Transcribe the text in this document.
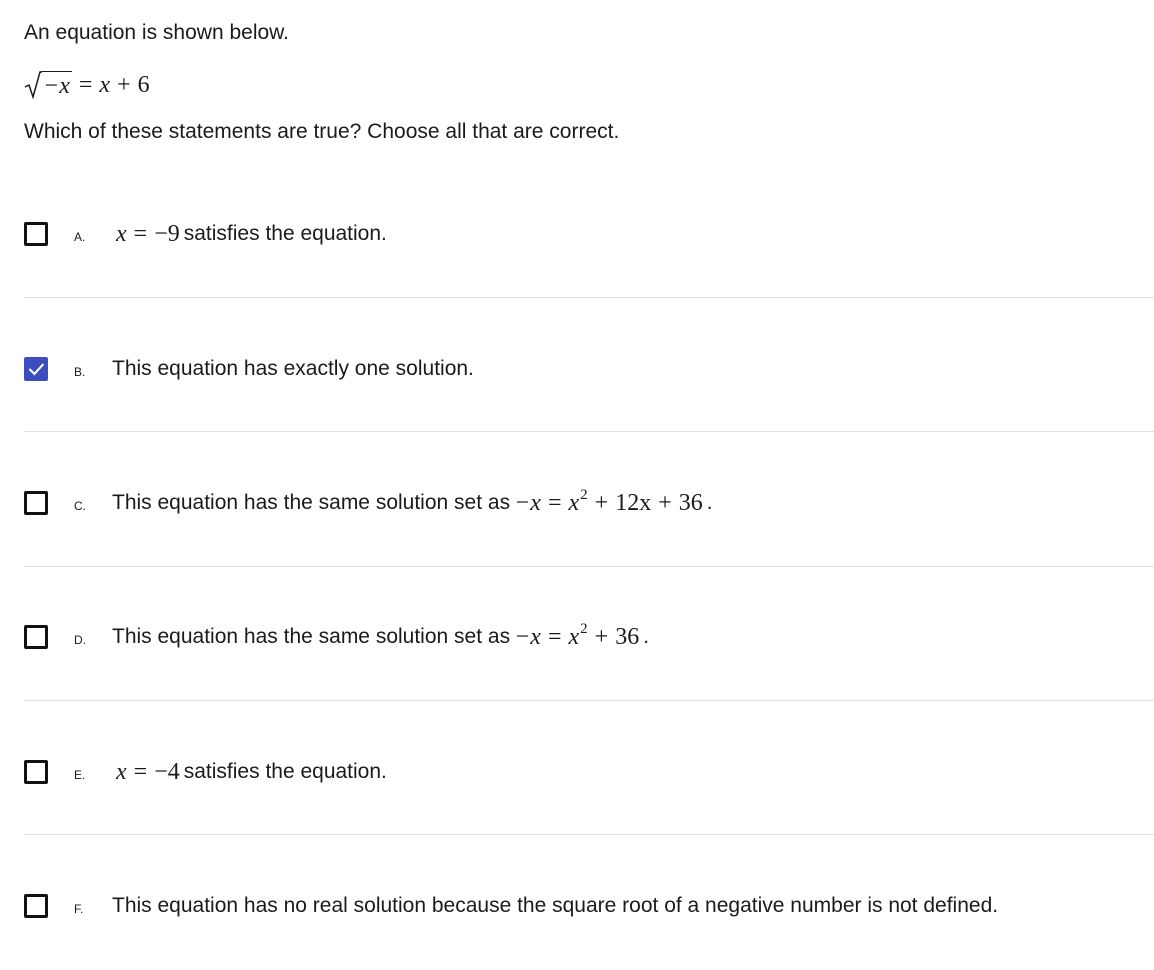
An equation is shown below.

−x = x + 6

Which of these statements are true? Choose all that are correct.

A.	x = −9 satisfies the equation.
B.	This equation has exactly one solution.
C.	This equation has the same solution set as $-x = x^2 + 12x + 36$ .
D.	This equation has the same solution set as $-x = x^2 + 36$ .
E.	x = −4 satisfies the equation.
F.	This equation has no real solution because the square root of a negative number is not defined.
